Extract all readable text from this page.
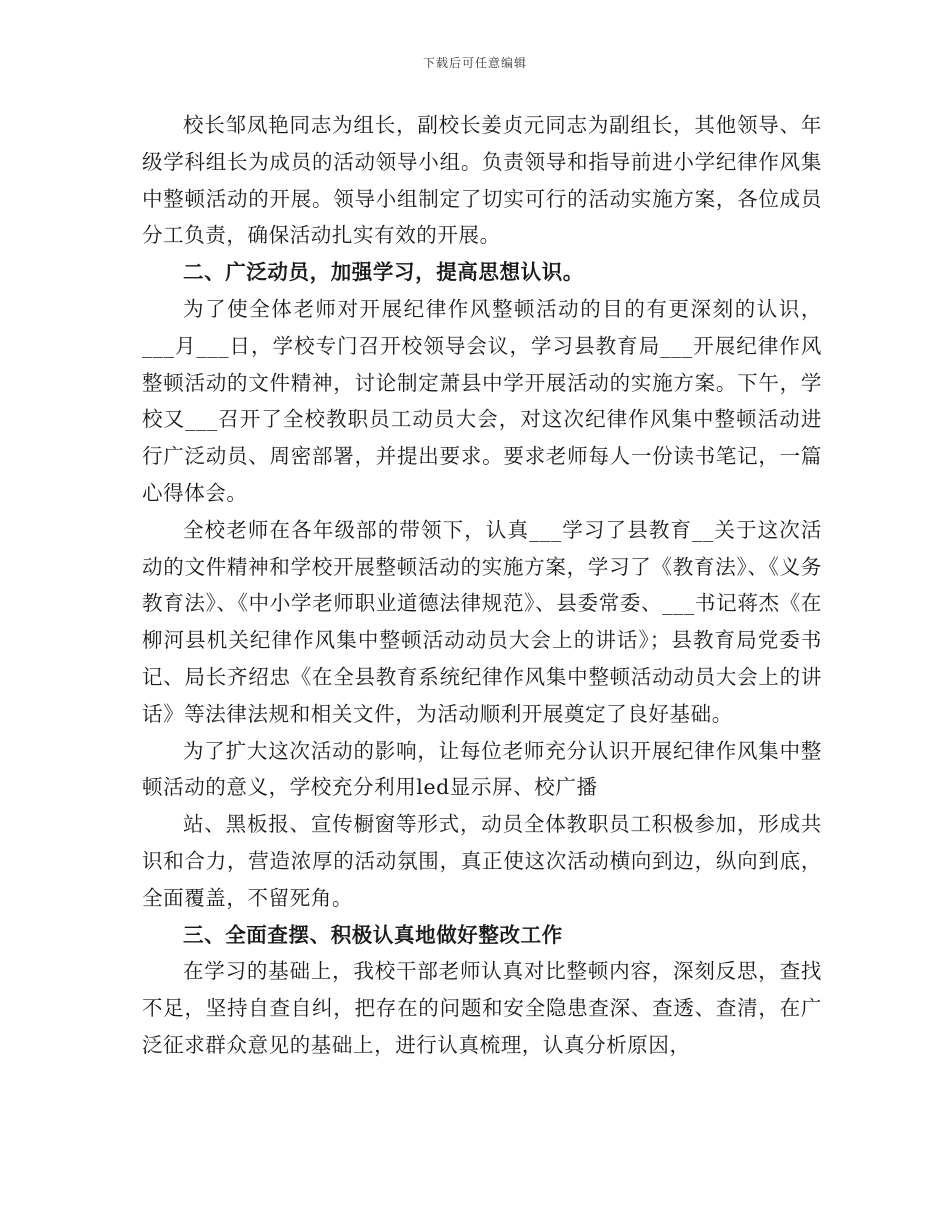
下载后可任意编辑

校长邹凤艳同志为组长，副校长姜贞元同志为副组长，其他领导、年级学科组长为成员的活动领导小组。负责领导和指导前进小学纪律作风集中整顿活动的开展。领导小组制定了切实可行的活动实施方案，各位成员分工负责，确保活动扎实有效的开展。

二、广泛动员，加强学习，提高思想认识。

为了使全体老师对开展纪律作风整顿活动的目的有更深刻的认识，___月___日，学校专门召开校领导会议，学习县教育局___开展纪律作风整顿活动的文件精神，讨论制定萧县中学开展活动的实施方案。下午，学校又___召开了全校教职员工动员大会，对这次纪律作风集中整顿活动进行广泛动员、周密部署，并提出要求。要求老师每人一份读书笔记，一篇心得体会。

全校老师在各年级部的带领下，认真___学习了县教育__关于这次活动的文件精神和学校开展整顿活动的实施方案，学习了《教育法》、《义务教育法》、《中小学老师职业道德法律规范》、县委常委、___书记蒋杰《在柳河县机关纪律作风集中整顿活动动员大会上的讲话》；县教育局党委书记、局长齐绍忠《在全县教育系统纪律作风集中整顿活动动员大会上的讲话》等法律法规和相关文件，为活动顺利开展奠定了良好基础。

为了扩大这次活动的影响，让每位老师充分认识开展纪律作风集中整顿活动的意义，学校充分利用led显示屏、校广播

站、黑板报、宣传橱窗等形式，动员全体教职员工积极参加，形成共识和合力，营造浓厚的活动氛围，真正使这次活动横向到边，纵向到底，全面覆盖，不留死角。

三、全面查摆、积极认真地做好整改工作

在学习的基础上，我校干部老师认真对比整顿内容，深刻反思，查找不足，坚持自查自纠，把存在的问题和安全隐患查深、查透、查清，在广泛征求群众意见的基础上，进行认真梳理，认真分析原因，
